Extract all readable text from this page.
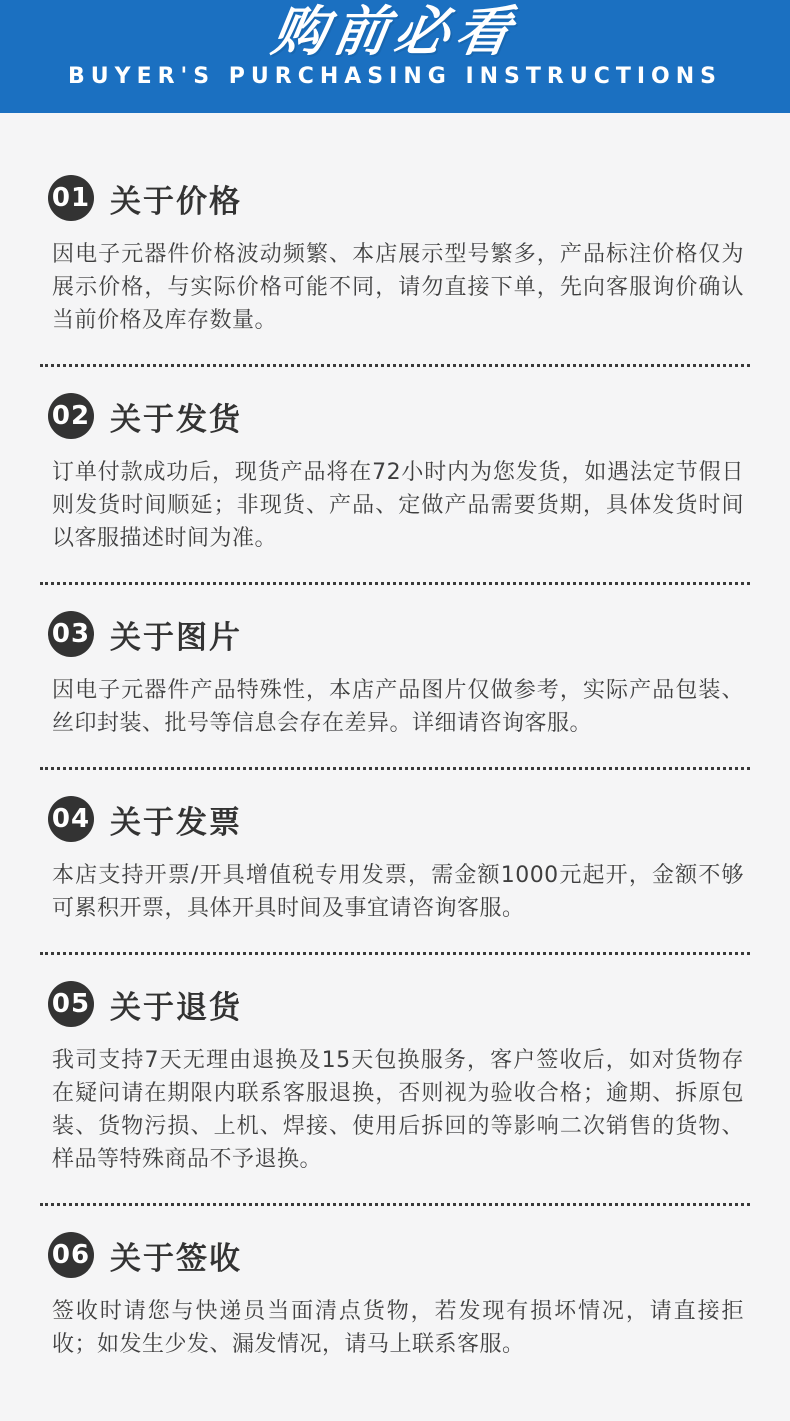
购前必看
BUYER'S PURCHASING INSTRUCTIONS
01 关于价格

因电子元器件价格波动频繁、本店展示型号繁多，产品标注价格仅为展示价格，与实际价格可能不同，请勿直接下单，先向客服询价确认当前价格及库存数量。

02 关于发货

订单付款成功后，现货产品将在72小时内为您发货，如遇法定节假日则发货时间顺延；非现货、产品、定做产品需要货期，具体发货时间以客服描述时间为准。

03 关于图片

因电子元器件产品特殊性，本店产品图片仅做参考，实际产品包装、丝印封装、批号等信息会存在差异。详细请咨询客服。

04 关于发票

本店支持开票/开具增值税专用发票，需金额1000元起开，金额不够可累积开票，具体开具时间及事宜请咨询客服。

05 关于退货

我司支持7天无理由退换及15天包换服务，客户签收后，如对货物存在疑问请在期限内联系客服退换，否则视为验收合格；逾期、拆原包装、货物污损、上机、焊接、使用后拆回的等影响二次销售的货物、样品等特殊商品不予退换。

06 关于签收

签收时请您与快递员当面清点货物，若发现有损坏情况，请直接拒收；如发生少发、漏发情况，请马上联系客服。
